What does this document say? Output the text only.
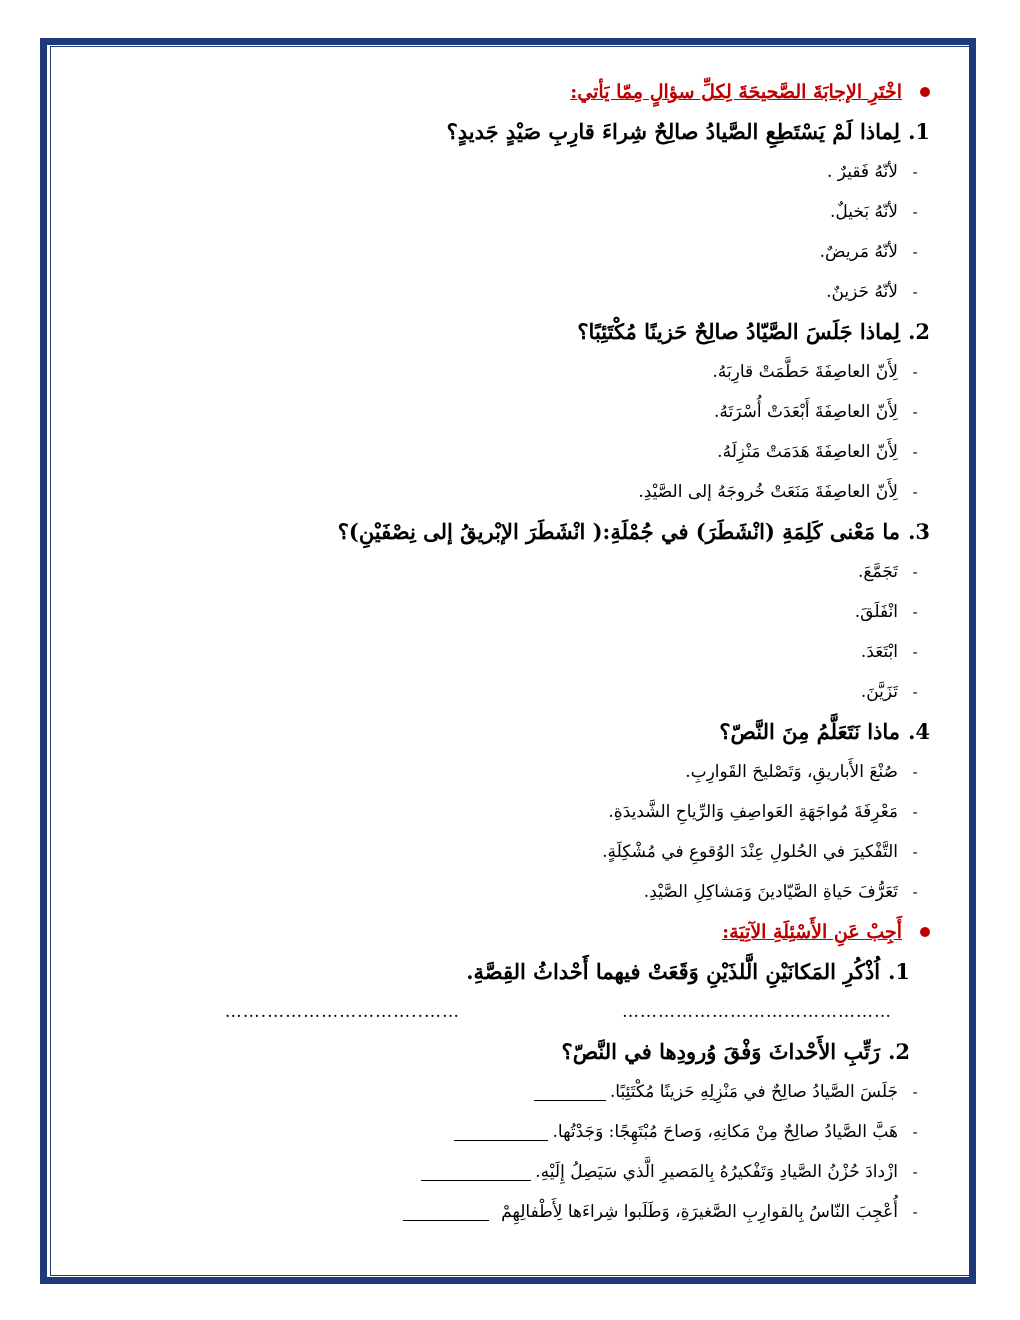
اخْتَرِ الإجابَةَ الصَّحيحَةَ لِكلِّ سؤالٍ مِمّا يَأتي:
1.
لِماذا لَمْ يَسْتَطِعِ الصَّيادُ صالِحٌ شِراءَ قارِبِ صَيْدٍ جَديدٍ؟
-
لأنّهُ فَقيرٌ .
-
لأنّهُ بَخيلٌ.
-
لأنّهُ مَريضٌ.
-
لأنّهُ حَزينٌ.
2.
لِماذا جَلَسَ الصَّيّادُ صالِحٌ حَزينًا مُكْتَئِبًا؟
-
لِأَنّ العاصِفَةَ حَطَّمَتْ قارِبَهُ.
-
لِأَنّ العاصِفَةَ أَبْعَدَتْ أُسْرَتَهُ.
-
لِأَنّ العاصِفَةَ هَدَمَتْ مَنْزِلَهُ.
-
لِأَنّ العاصِفَةَ مَنَعَتْ خُروجَهُ إلى الصَّيْدِ.
3.
ما مَعْنى كَلِمَةِ (انْشَطَرَ) في جُمْلَةِ:( انْشَطَرَ الإبْريقُ إلى نِصْفَيْنِ)؟
-
تَجَمَّعَ.
-
انْفَلَقَ.
-
ابْتَعَدَ.
-
تَزَيَّنَ.
4.
ماذا نَتَعَلَّمُ مِنَ النَّصّ؟
-
صُنْعَ الأَباريقِ، وَتَصْليحَ القَوارِبِ.
-
مَعْرِفَةَ مُواجَهَةِ العَواصِفِ وَالرِّياحِ الشَّديدَةِ.
-
التَّفْكيرَ في الحُلولِ عِنْدَ الوُقوعِ في مُشْكِلَةٍ.
-
تَعَرُّفَ حَياةِ الصَّيّادينَ وَمَشاكِلِ الصَّيْدِ.
أَجِبْ عَنِ الأَسْئِلَةِ الآتِيَة:
1.
اُذْكُرِ المَكانَيْنِ الَّلذَيْنِ وَقَعَتْ فيهما أَحْداثُ القِصَّةِ.
………………………………………
……..…………………….……
2.
رَتِّبِ الأَحْداثَ وَفْقَ وُرودِها في النَّصّ؟
-
جَلَسَ الصَّيادُ صالِحٌ في مَنْزِلِهِ حَزينًا مُكْتَئِبًا.
-
هَبَّ الصَّيادُ صالِحٌ مِنْ مَكانِهِ، وَصاحَ مُبْتَهِجًا: وَجَدْتُها.
-
ازْدادَ حُزْنُ الصَّيادِ وَتَفْكيرُهُ بِالمَصيرِ الَّذي سَيَصِلُ إِلَيْهِ.
-
أُعْجِبَ النّاسُ بِالقوارِبِ الصَّغيرَةِ، وَطَلَبوا شِراءَها لِأَطْفالِهِمْ
